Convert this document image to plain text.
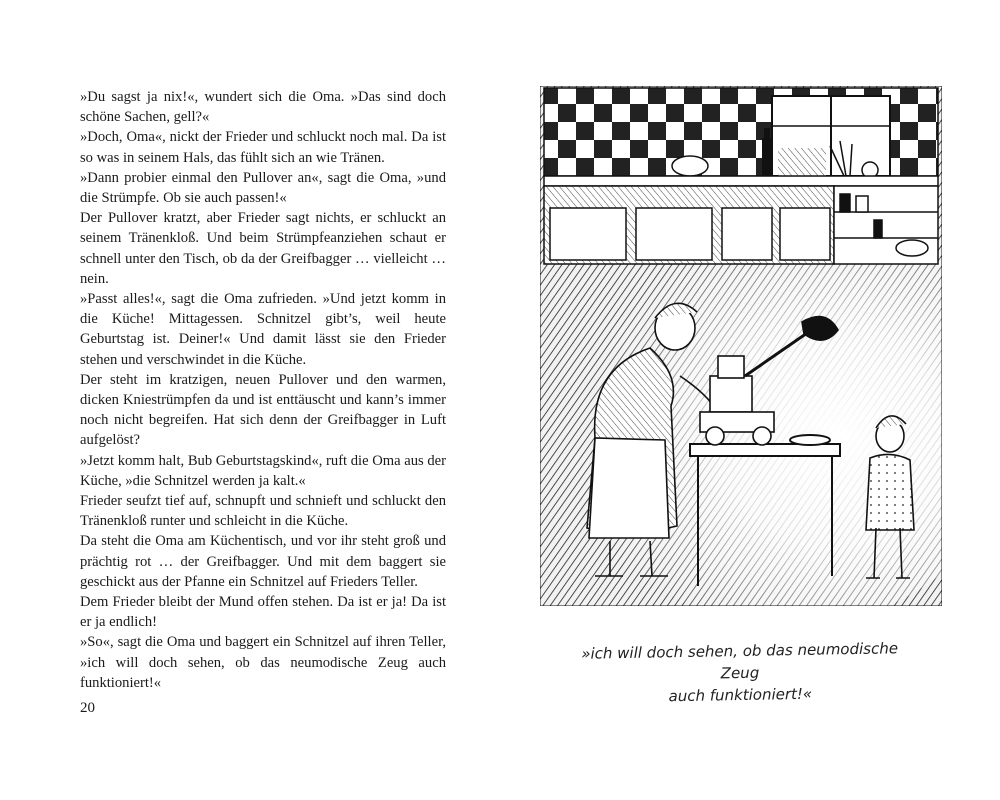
»Du sagst ja nix!«, wundert sich die Oma. »Das sind doch schöne Sachen, gell?«

»Doch, Oma«, nickt der Frieder und schluckt noch mal. Da ist so was in seinem Hals, das fühlt sich an wie Tränen.

»Dann probier einmal den Pullover an«, sagt die Oma, »und die Strümpfe. Ob sie auch passen!«

Der Pullover kratzt, aber Frieder sagt nichts, er schluckt an seinem Tränenkloß. Und beim Strümpfeanziehen schaut er schnell unter den Tisch, ob da der Greifbagger … vielleicht … nein.

»Passt alles!«, sagt die Oma zufrieden. »Und jetzt komm in die Küche! Mittagessen. Schnitzel gibt’s, weil heute Geburtstag ist. Deiner!« Und damit lässt sie den Frieder stehen und verschwindet in die Küche.

Der steht im kratzigen, neuen Pullover und den warmen, dicken Kniestrümpfen da und ist enttäuscht und kann’s immer noch nicht begreifen. Hat sich denn der Greifbagger in Luft aufgelöst?

»Jetzt komm halt, Bub Geburtstagskind«, ruft die Oma aus der Küche, »die Schnitzel werden ja kalt.«

Frieder seufzt tief auf, schnupft und schnieft und schluckt den Tränenkloß runter und schleicht in die Küche.

Da steht die Oma am Küchentisch, und vor ihr steht groß und prächtig rot … der Greifbagger. Und mit dem baggert sie geschickt aus der Pfanne ein Schnitzel auf Frieders Teller.

Dem Frieder bleibt der Mund offen stehen. Da ist er ja! Da ist er ja endlich!

»So«, sagt die Oma und baggert ein Schnitzel auf ihren Teller, »ich will doch sehen, ob das neumodische Zeug auch funktioniert!«

20
»ich will doch sehen, ob das neumodische Zeug
auch funktioniert!«
